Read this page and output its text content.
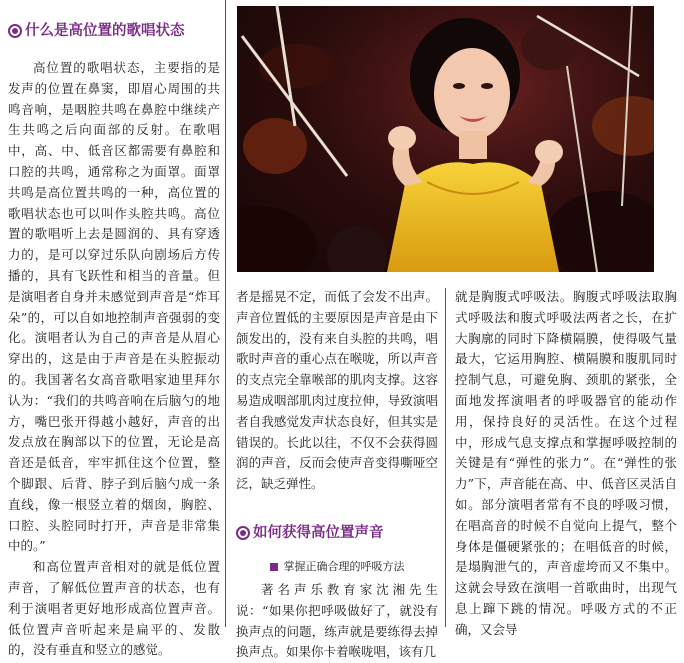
什么是高位置的歌唱状态

高位置的歌唱状态，主要指的是发声的位置在鼻窦，即眉心周围的共鸣音响，是咽腔共鸣在鼻腔中继续产生共鸣之后向面部的反射。在歌唱中，高、中、低音区都需要有鼻腔和口腔的共鸣，通常称之为面罩。面罩共鸣是高位置共鸣的一种，高位置的歌唱状态也可以叫作头腔共鸣。高位置的歌唱听上去是圆润的、具有穿透力的，是可以穿过乐队向剧场后方传播的，具有飞跃性和相当的音量。但是演唱者自身并未感觉到声音是“炸耳朵”的，可以自如地控制声音强弱的变化。演唱者认为自己的声音是从眉心穿出的，这是由于声音是在头腔振动的。我国著名女高音歌唱家迪里拜尔认为：“我们的共鸣音响在后脑勺的地方，嘴巴张开得越小越好，声音的出发点放在胸部以下的位置，无论是高音还是低音，牢牢抓住这个位置，整个脚跟、后背、脖子到后脑勺成一条直线，像一根竖立着的烟囱，胸腔、口腔、头腔同时打开，声音是非常集中的。”

和高位置声音相对的就是低位置声音，了解低位置声音的状态，也有利于演唱者更好地形成高位置声音。低位置声音听起来是扁平的、发散的，没有垂直和竖立的感觉。

者是摇晃不定，而低了会发不出声。声音位置低的主要原因是声音是由下颌发出的，没有来自头腔的共鸣，唱歌时声音的重心点在喉咙，所以声音的支点完全靠喉部的肌肉支撑。这容易造成咽部肌肉过度拉伸，导致演唱者自我感觉发声状态良好，但其实是错误的。长此以往，不仅不会获得圆润的声音，反而会使声音变得嘶哑空泛，缺乏弹性。

如何获得高位置声音
掌握正确合理的呼吸方法

著名声乐教育家沈湘先生说：“如果你把呼吸做好了，就没有换声点的问题，练声就是要练得去掉换声点。如果你卡着喉咙唱，该有几

就是胸腹式呼吸法。胸腹式呼吸法取胸式呼吸法和腹式呼吸法两者之长，在扩大胸廓的同时下降横隔膜，使得吸气量最大，它运用胸腔、横隔膜和腹肌同时控制气息，可避免胸、颈肌的紧张，全面地发挥演唱者的呼吸器官的能动作用，保持良好的灵活性。在这个过程中，形成气息支撑点和掌握呼吸控制的关键是有“弹性的张力”。在“弹性的张力”下，声音能在高、中、低音区灵活自如。部分演唱者常有不良的呼吸习惯，在唱高音的时候不自觉向上提气，整个身体是僵硬紧张的；在唱低音的时候，是塌胸泄气的，声音虚垮而又不集中。这就会导致在演唱一首歌曲时，出现气息上蹿下跳的情况。呼吸方式的不正确，又会导
